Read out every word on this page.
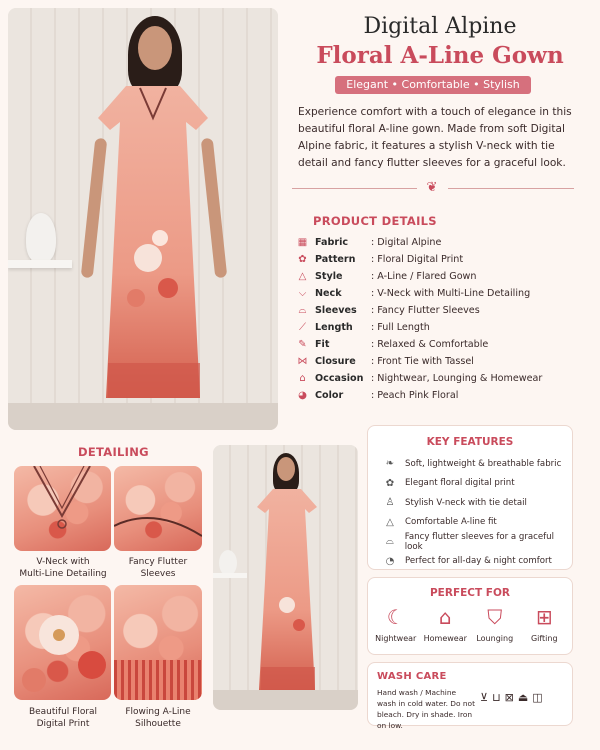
Digital Alpine
Floral A-Line Gown
Elegant • Comfortable • Stylish
Experience comfort with a touch of elegance in this beautiful floral A-line gown. Made from soft Digital Alpine fabric, it features a stylish V-neck with tie detail and fancy flutter sleeves for a graceful look.
❦
PRODUCT DETAILS
▦ Fabric	: Digital Alpine
✿ Pattern	: Floral Digital Print
△ Style	: A-Line / Flared Gown
⌵ Neck	: V-Neck with Multi-Line Detailing
⌓ Sleeves	: Fancy Flutter Sleeves
⟋ Length	: Full Length
✎ Fit	: Relaxed & Comfortable
⋈ Closure	: Front Tie with Tassel
⌂ Occasion : Nightwear, Lounging & Homewear
◕ Color	: Peach Pink Floral
DETAILING
V-Neck with
Multi-Line Detailing
Fancy Flutter
Sleeves
Beautiful Floral
Digital Print
Flowing A-Line
Silhouette
KEY FEATURES
❧	Soft, lightweight & breathable fabric
✿	Elegant floral digital print
♙	Stylish V-neck with tie detail
△	Comfortable A-line fit
⌓	Fancy flutter sleeves for a graceful look
◔	Perfect for all-day & night comfort
PERFECT FOR
☾
Nightwear
⌂
Homewear
⛉
Lounging
⊞
Gifting
WASH CARE
Hand wash / Machine wash in cold water. Do not bleach. Dry in shade. Iron on low.
⊻ ⊔ ⊠ ⏏ ◫
